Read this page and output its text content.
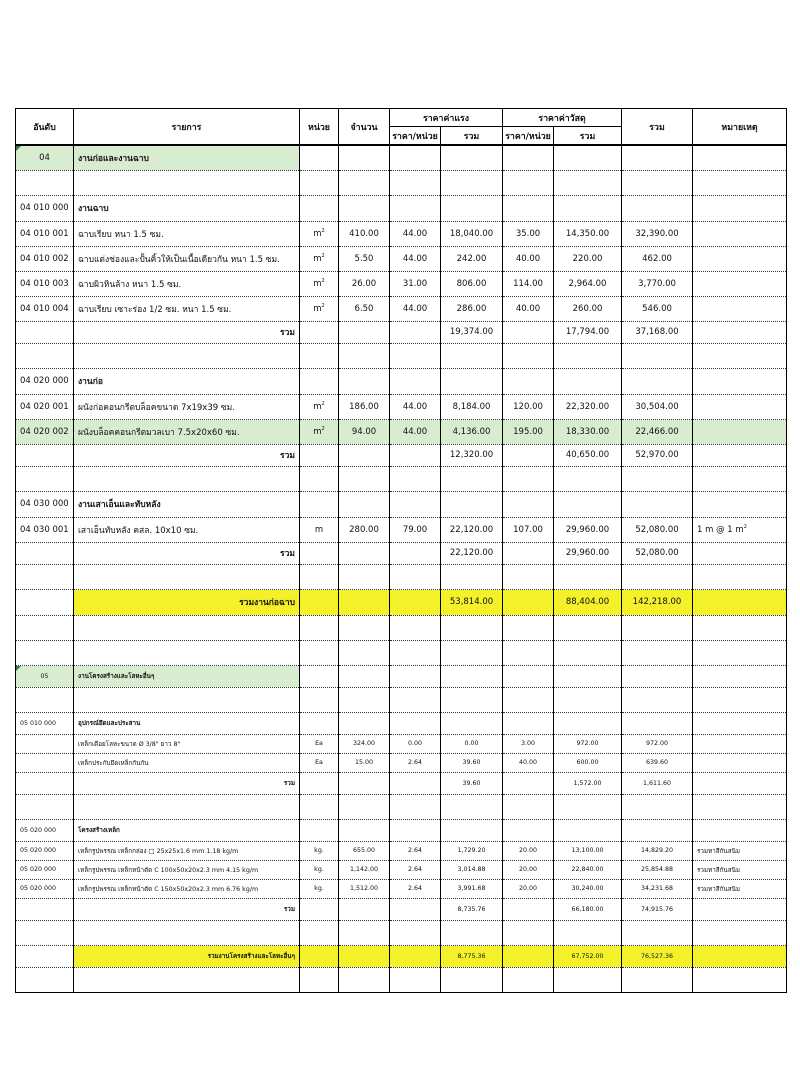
อันดับ	รายการ	หน่วย	จำนวน	ราคาค่าแรง		ราคาค่าวัสดุ		รวม	หมายเหตุ
				ราคา/หน่วย	รวม	ราคา/หน่วย	รวม		
04	งานก่อและงานฉาบ								

04 010 000	งานฉาบ								
04 010 001	ฉาบเรียบ หนา 1.5 ซม.	$m^2$	410.00	44.00	18,040.00	35.00	14,350.00	32,390.00	
04 010 002	ฉาบแต่งช่องและปั้นคิ้วให้เป็นเนื้อเดียวกัน หนา 1.5 ซม.	$m^2$	5.50	44.00	242.00	40.00	220.00	462.00	
04 010 003	ฉาบผิวหินล้าง หนา 1.5 ซม.	$m^2$	26.00	31.00	806.00	114.00	2,964.00	3,770.00	
04 010 004	ฉาบเรียบ เซาะร่อง 1/2 ซม. หนา 1.5 ซม.	$m^2$	6.50	44.00	286.00	40.00	260.00	546.00	
	รวม				19,374.00		17,794.00	37,168.00	

04 020 000	งานก่อ								
04 020 001	ผนังก่อคอนกรีตบล็อคขนาด 7x19x39 ซม.	$m^2$	186.00	44.00	8,184.00	120.00	22,320.00	30,504.00	
04 020 002	ผนังบล็อคคอนกรีตมวลเบา 7.5x20x60 ซม.	$m^2$	94.00	44.00	4,136.00	195.00	18,330.00	22,466.00	
	รวม				12,320.00		40,650.00	52,970.00	

04 030 000	งานเสาเอ็นและทับหลัง								
04 030 001	เสาเอ็นทับหลัง คสล. 10x10 ซม.	m	280.00	79.00	22,120.00	107.00	29,960.00	52,080.00	1 m @ 1 $m^2$
	รวม				22,120.00		29,960.00	52,080.00	

	รวมงานก่อฉาบ				53,814.00		88,404.00	142,218.00	

05	งานโครงสร้างและโลหะอื่นๆ								

05 010 000	อุปกรณ์ยึดและประสาน								
	เหล็กเดือยโลหะขนาด Ø 3/8" ยาว 8"	Ea	324.00	0.00	0.00	3.00	972.00	972.00	
	เหล็กประกับยึดเหล็กกันกัน	Ea	15.00	2.64	39.60	40.00	600.00	639.60	
	รวม				39.60		1,572.00	1,611.60	

05 020 000	โครงสร้างเหล็ก								
05 020 000	เหล็กรูปพรรณ เหล็กกล่อง □ 25x25x1.6 mm 1.18 kg/m	kg.	655.00	2.64	1,729.20	20.00	13,100.00	14,829.20	รวมทาสีกันสนิม
05 020 000	เหล็กรูปพรรณ เหล็กหน้าตัด C 100x50x20x2.3 mm 4.15 kg/m	kg.	1,142.00	2.64	3,014.88	20.00	22,840.00	25,854.88	รวมทาสีกันสนิม
05 020 000	เหล็กรูปพรรณ เหล็กหน้าตัด C 150x50x20x2.3 mm 6.76 kg/m	kg.	1,512.00	2.64	3,991.68	20.00	30,240.00	34,231.68	รวมทาสีกันสนิม
	รวม				8,735.76		66,180.00	74,915.76	

	รวมงานโครงสร้างและโลหะอื่นๆ				8,775.36		67,752.00	76,527.36	
